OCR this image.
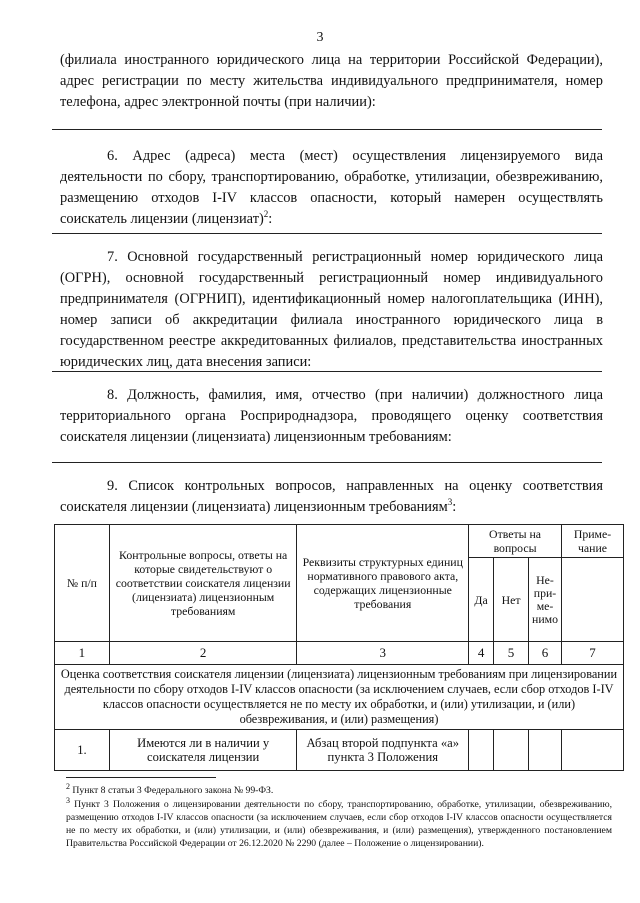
3
(филиала иностранного юридического лица на территории Российской Федерации), адрес регистрации по месту жительства индивидуального предпринимателя, номер телефона, адрес электронной почты (при наличии):
6. Адрес (адреса) места (мест) осуществления лицензируемого вида деятельности по сбору, транспортированию, обработке, утилизации, обезвреживанию, размещению отходов I-IV классов опасности, который намерен осуществлять соискатель лицензии (лицензиат)$^2$:
7. Основной государственный регистрационный номер юридического лица (ОГРН), основной государственный регистрационный номер индивидуального предпринимателя (ОГРНИП), идентификационный номер налогоплательщика (ИНН), номер записи об аккредитации филиала иностранного юридического лица в государственном реестре аккредитованных филиалов, представительства иностранных юридических лиц, дата внесения записи:
8. Должность, фамилия, имя, отчество (при наличии) должностного лица территориального органа Росприроднадзора, проводящего оценку соответствия соискателя лицензии (лицензиата) лицензионным требованиям:
9. Список контрольных вопросов, направленных на оценку соответствия соискателя лицензии (лицензиата) лицензионным требованиям$^3$:
№ п/п	Контрольные вопросы, ответы на которые свидетельствуют о соответствии соискателя лицензии (лицензиата) лицензионным требованиям	Реквизиты структурных единиц нормативного правового акта, содержащих лицензионные требования	Ответы на вопросы			Приме-чание
			Да	Нет	Не-при-ме-нимо	
1	2	3	4	5	6	7
Оценка соответствия соискателя лицензии (лицензиата) лицензионным требованиям при лицензировании деятельности по сбору отходов I-IV классов опасности (за исключением случаев, если сбор отходов I-IV классов опасности осуществляется не по месту их обработки, и (или) утилизации, и (или) обезвреживания, и (или) размещения)						
1.	Имеются ли в наличии у соискателя лицензии	Абзац второй подпункта «а» пункта 3 Положения				
$^2$ Пункт 8 статьи 3 Федерального закона № 99-ФЗ.
$^3$ Пункт 3 Положения о лицензировании деятельности по сбору, транспортированию, обработке, утилизации, обезвреживанию, размещению отходов I-IV классов опасности (за исключением случаев, если сбор отходов I-IV классов опасности осуществляется не по месту их обработки, и (или) утилизации, и (или) обезвреживания, и (или) размещения), утвержденного постановлением Правительства Российской Федерации от 26.12.2020 № 2290 (далее – Положение о лицензировании).
